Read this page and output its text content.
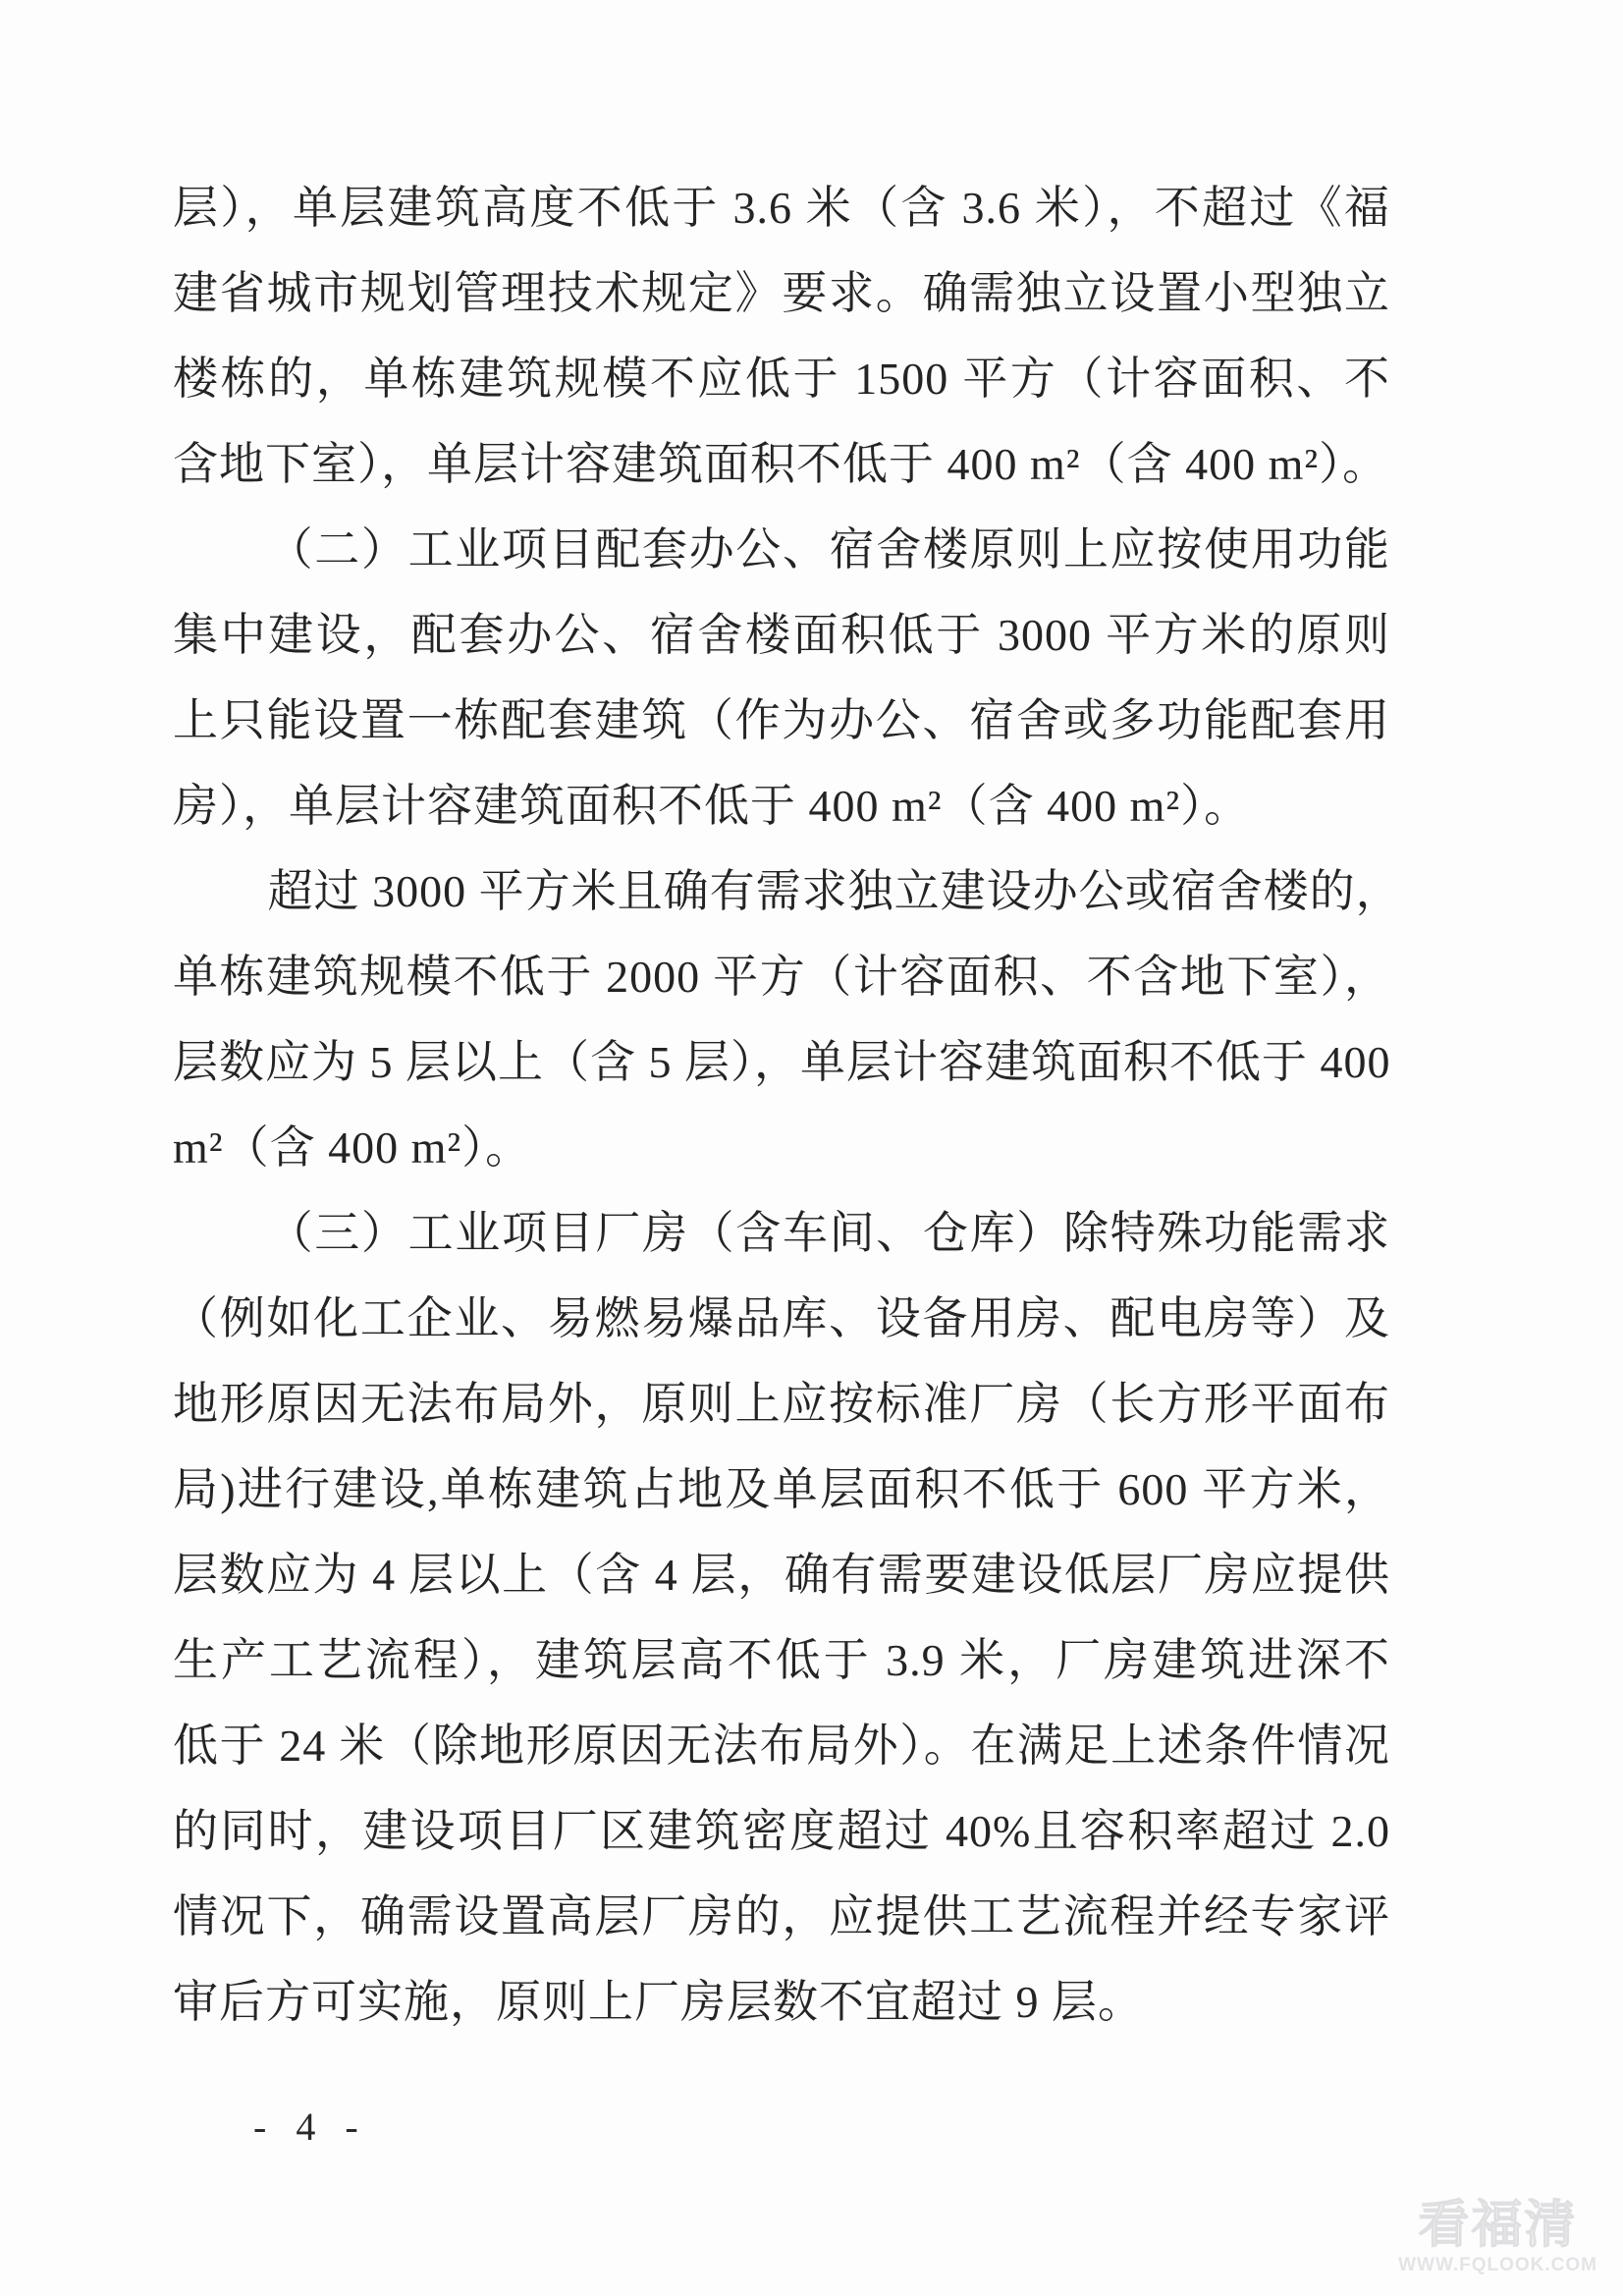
层），单层建筑高度不低于 3.6 米（含 3.6 米），不超过《福
建省城市规划管理技术规定》要求。确需独立设置小型独立
楼栋的，单栋建筑规模不应低于 1500 平方（计容面积、不
含地下室），单层计容建筑面积不低于 400 m²（含 400 m²）。
（二）工业项目配套办公、宿舍楼原则上应按使用功能
集中建设，配套办公、宿舍楼面积低于 3000 平方米的原则
上只能设置一栋配套建筑（作为办公、宿舍或多功能配套用
房），单层计容建筑面积不低于 400 m²（含 400 m²）。
超过 3000 平方米且确有需求独立建设办公或宿舍楼的，
单栋建筑规模不低于 2000 平方（计容面积、不含地下室），
层数应为 5 层以上（含 5 层），单层计容建筑面积不低于 400
m²（含 400 m²）。
（三）工业项目厂房（含车间、仓库）除特殊功能需求
（例如化工企业、易燃易爆品库、设备用房、配电房等）及
地形原因无法布局外，原则上应按标准厂房（长方形平面布
局)进行建设,单栋建筑占地及单层面积不低于 600 平方米，
层数应为 4 层以上（含 4 层，确有需要建设低层厂房应提供
生产工艺流程），建筑层高不低于 3.9 米，厂房建筑进深不
低于 24 米（除地形原因无法布局外）。在满足上述条件情况
的同时，建设项目厂区建筑密度超过 40%且容积率超过 2.0
情况下，确需设置高层厂房的，应提供工艺流程并经专家评
审后方可实施，原则上厂房层数不宜超过 9 层。
- 4 -
看福清
WWW.FQLOOK.COM
